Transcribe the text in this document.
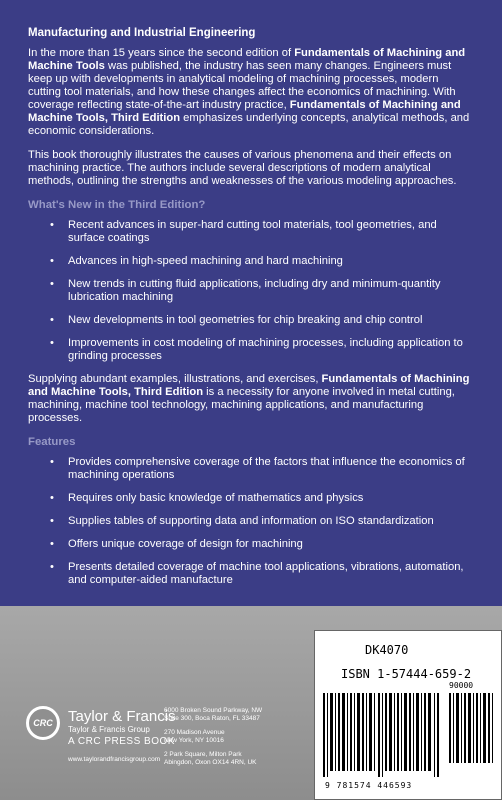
Manufacturing and Industrial Engineering

In the more than 15 years since the second edition of Fundamentals of Machining and Machine Tools was published, the industry has seen many changes. Engineers must keep up with developments in analytical modeling of machining processes, modern cutting tool materials, and how these changes affect the economics of machining. With coverage reflecting state-of-the-art industry practice, Fundamentals of Machining and Machine Tools, Third Edition emphasizes underlying concepts, analytical methods, and economic considerations.

This book thoroughly illustrates the causes of various phenomena and their effects on machining practice. The authors include several descriptions of modern analytical methods, outlining the strengths and weaknesses of the various modeling approaches.

What's New in the Third Edition?
• Recent advances in super-hard cutting tool materials, tool geometries, and surface coatings
• Advances in high-speed machining and hard machining
• New trends in cutting fluid applications, including dry and minimum-quantity lubrication machining
• New developments in tool geometries for chip breaking and chip control
• Improvements in cost modeling of machining processes, including application to grinding processes

Supplying abundant examples, illustrations, and exercises, Fundamentals of Machining and Machine Tools, Third Edition is a necessity for anyone involved in metal cutting, machining, machine tool technology, machining applications, and manufacturing processes.

Features
• Provides comprehensive coverage of the factors that influence the economics of machining operations
• Requires only basic knowledge of mathematics and physics
• Supplies tables of supporting data and information on ISO standardization
• Offers unique coverage of design for machining
• Presents detailed coverage of machine tool applications, vibrations, automation, and computer-aided manufacture
CRC	Taylor & Francis
Taylor & Francis Group
A CRC PRESS BOOK
www.taylorandfrancisgroup.com
6000 Broken Sound Parkway, NW
Suite 300, Boca Raton, FL 33487
270 Madison Avenue
New York, NY 10016
2 Park Square, Milton Park
Abingdon, Oxon OX14 4RN, UK
DK4070
ISBN 1-57444-659-2
90000
9 781574 446593
